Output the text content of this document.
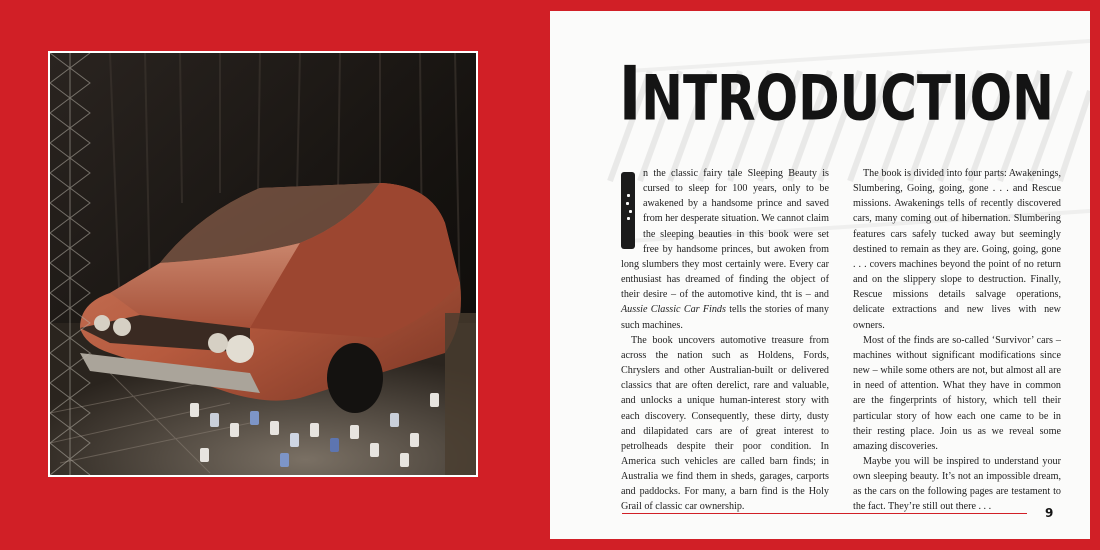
INTRODUCTION

n the classic fairy tale Sleeping Beauty is cursed to sleep for 100 years, only to be awakened by a handsome prince and saved from her desperate situation. We cannot claim the sleeping beauties in this book were set free by handsome princes, but awoken from long slumbers they most certainly were. Every car enthusiast has dreamed of finding the object of their desire – of the automotive kind, tht is – and Aussie Classic Car Finds tells the stories of many such machines.

The book uncovers automotive treasure from across the nation such as Holdens, Fords, Chryslers and other Australian-built or delivered classics that are often derelict, rare and valuable, and unlocks a unique human-interest story with each discovery. Consequently, these dirty, dusty and dilapidated cars are of great interest to petrolheads despite their poor condition. In America such vehicles are called barn finds; in Australia we find them in sheds, garages, carports and paddocks. For many, a barn find is the Holy Grail of classic car ownership.

The book is divided into four parts: Awakenings, Slumbering, Going, going, gone . . . and Rescue missions. Awakenings tells of recently discovered cars, many coming out of hibernation. Slumbering features cars safely tucked away but seemingly destined to remain as they are. Going, going, gone . . . covers machines beyond the point of no return and on the slippery slope to destruction. Finally, Rescue missions details salvage operations, delicate extractions and new lives with new owners.

Most of the finds are so-called ‘Survivor’ cars – machines without significant modifications since new – while some others are not, but almost all are in need of attention. What they have in common are the fingerprints of history, which tell their particular story of how each one came to be in their resting place. Join us as we reveal some amazing discoveries.

Maybe you will be inspired to understand your own sleeping beauty. It’s not an impossible dream, as the cars on the following pages are testament to the fact. They’re still out there . . .	9
